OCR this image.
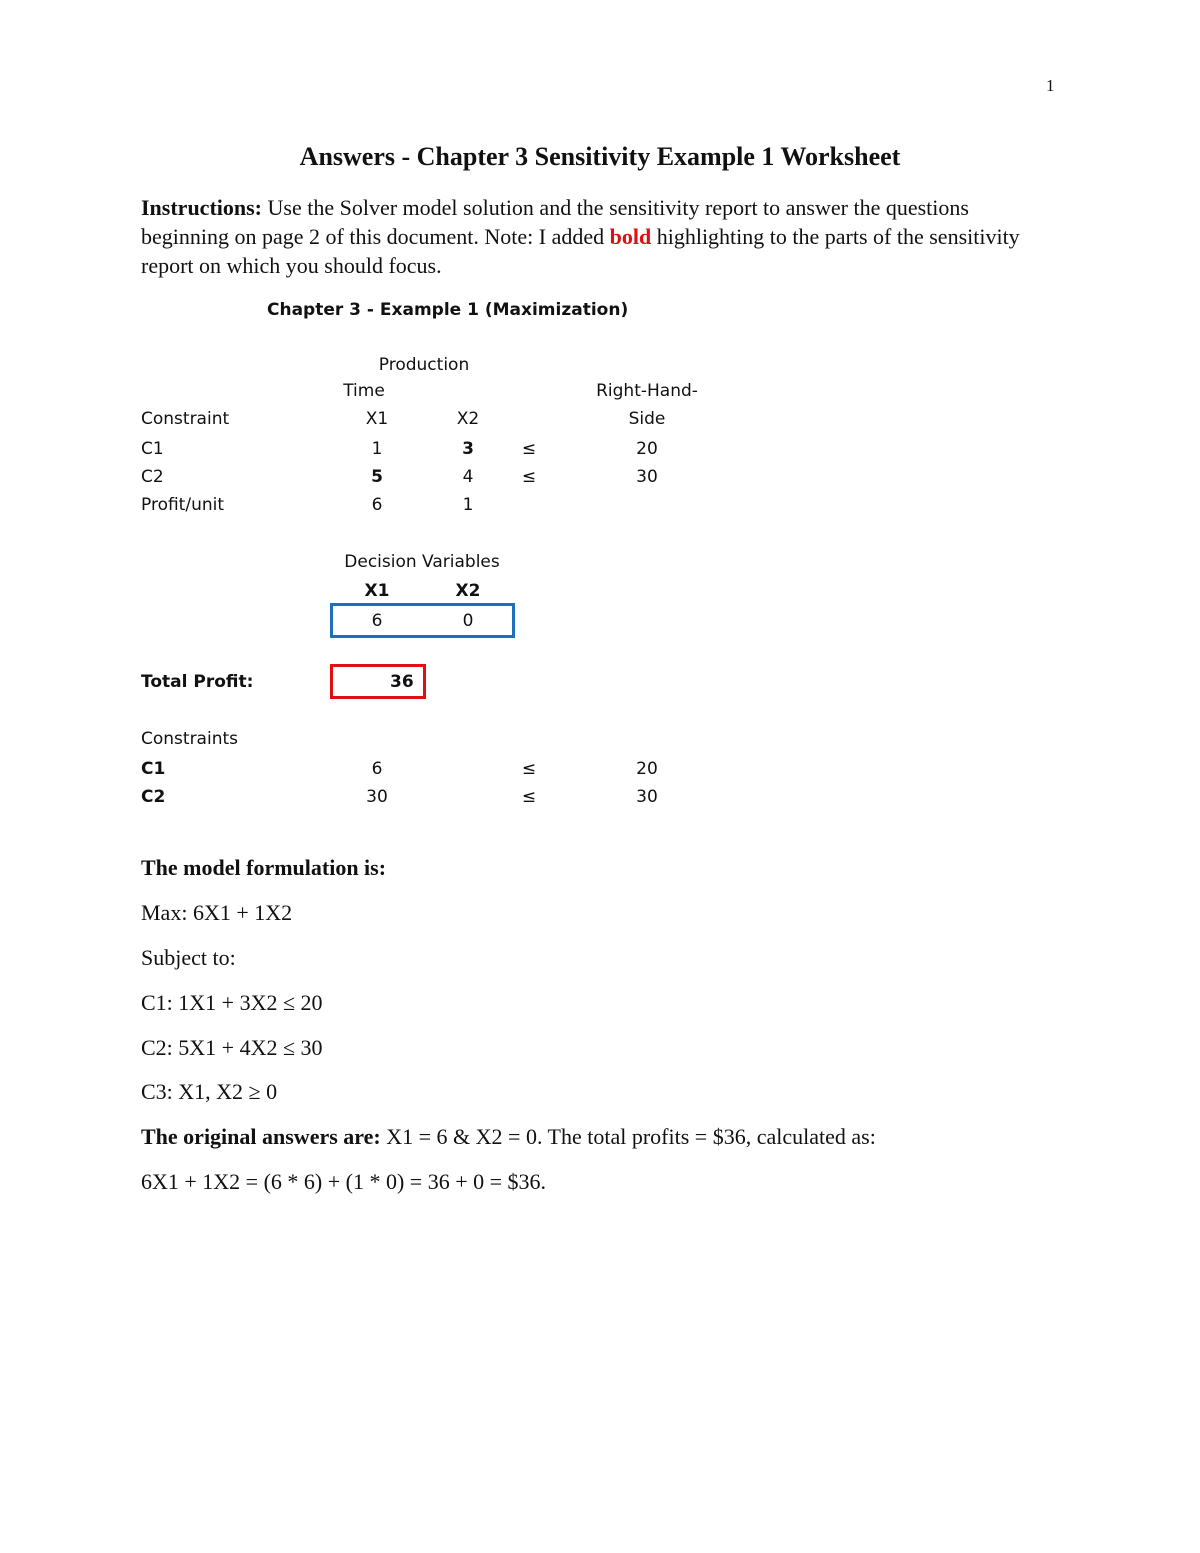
1
Answers - Chapter 3 Sensitivity Example 1 Worksheet
Instructions: Use the Solver model solution and the sensitivity report to answer the questions beginning on page 2 of this document. Note: I added bold highlighting to the parts of the sensitivity report on which you should focus.
Chapter 3 - Example 1 (Maximization)
Production
Time	Right-Hand-
Constraint	X1	X2	Side
C1	1	3	≤	20
C2	5	4	≤	30
Profit/unit	6	1
Decision Variables
X1	X2
6	0
Total Profit:	36
Constraints
C1	6	≤	20
C2	30	≤	30
The model formulation is:
Max: 6X1 + 1X2
Subject to:
C1: 1X1 + 3X2 ≤ 20
C2: 5X1 + 4X2 ≤ 30
C3: X1, X2 ≥ 0
The original answers are: X1 = 6 & X2 = 0. The total profits = $36, calculated as:
6X1 + 1X2 = (6 * 6) + (1 * 0) = 36 + 0 = $36.
